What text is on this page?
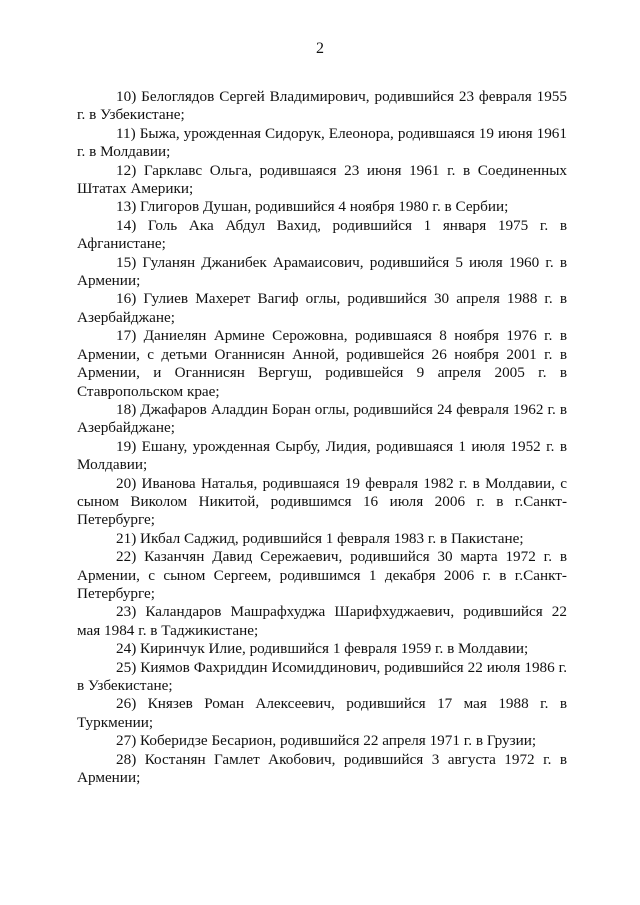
2

10) Белоглядов Сергей Владимирович, родившийся 23 февраля 1955 г. в Узбекистане;

11) Быжа, урожденная Сидорук, Елеонора, родившаяся 19 июня 1961 г. в Молдавии;

12) Гарклавс Ольга, родившаяся 23 июня 1961 г. в Соединенных Штатах Америки;

13) Глигоров Душан, родившийся 4 ноября 1980 г. в Сербии;

14) Голь Ака Абдул Вахид, родившийся 1 января 1975 г. в Афганистане;

15) Гуланян Джанибек Арамаисович, родившийся 5 июля 1960 г. в Армении;

16) Гулиев Махерет Вагиф оглы, родившийся 30 апреля 1988 г. в Азербайджане;

17) Даниелян Армине Серожовна, родившаяся 8 ноября 1976 г. в Армении, с детьми Оганнисян Анной, родившейся 26 ноября 2001 г. в Армении, и Оганнисян Вергуш, родившейся 9 апреля 2005 г. в Ставропольском крае;

18) Джафаров Аладдин Боран оглы, родившийся 24 февраля 1962 г. в Азербайджане;

19) Ешану, урожденная Сырбу, Лидия, родившаяся 1 июля 1952 г. в Молдавии;

20) Иванова Наталья, родившаяся 19 февраля 1982 г. в Молдавии, с сыном Виколом Никитой, родившимся 16 июля 2006 г. в г.Санкт-Петербурге;

21) Икбал Саджид, родившийся 1 февраля 1983 г. в Пакистане;

22) Казанчян Давид Сережаевич, родившийся 30 марта 1972 г. в Армении, с сыном Сергеем, родившимся 1 декабря 2006 г. в г.Санкт-Петербурге;

23) Каландаров Машрафхуджа Шарифхуджаевич, родившийся 22 мая 1984 г. в Таджикистане;

24) Киринчук Илие, родившийся 1 февраля 1959 г. в Молдавии;

25) Киямов Фахриддин Исомиддинович, родившийся 22 июля 1986 г. в Узбекистане;

26) Князев Роман Алексеевич, родившийся 17 мая 1988 г. в Туркмении;

27) Коберидзе Бесарион, родившийся 22 апреля 1971 г. в Грузии;

28) Костанян Гамлет Акобович, родившийся 3 августа 1972 г. в Армении;
